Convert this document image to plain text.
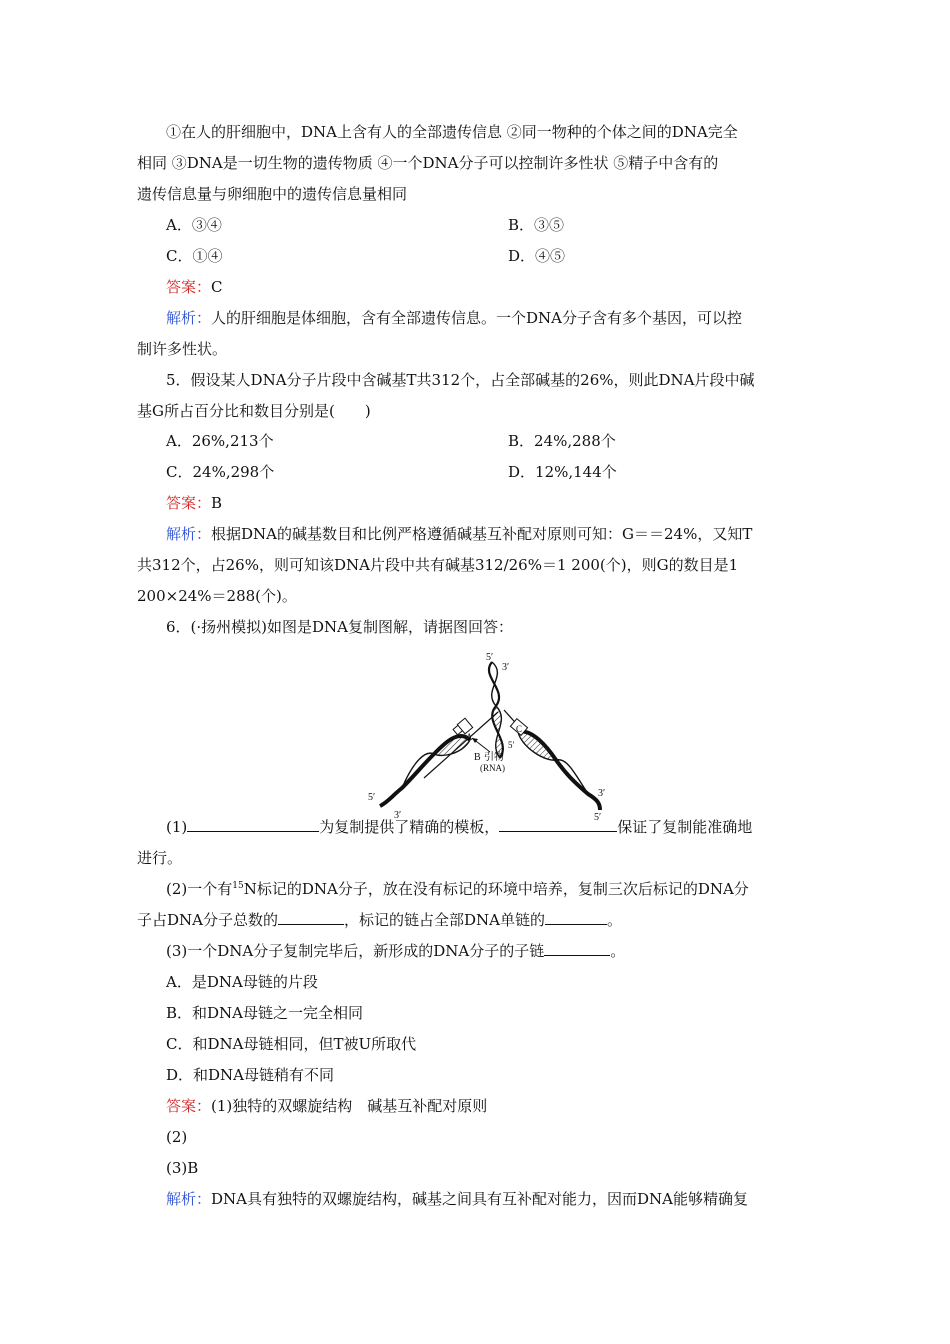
①在人的肝细胞中，DNA上含有人的全部遗传信息 ②同一物种的个体之间的DNA完全
相同 ③DNA是一切生物的遗传物质 ④一个DNA分子可以控制许多性状 ⑤精子中含有的
遗传信息量与卵细胞中的遗传信息量相同
A．③④	B．③⑤
C．①④	D．④⑤
答案：C
解析：人的肝细胞是体细胞，含有全部遗传信息。一个DNA分子含有多个基因，可以控
制许多性状。
5．假设某人DNA分子片段中含碱基T共312个，占全部碱基的26%，则此DNA片段中碱
基G所占百分比和数目分别是(　　)
A．26%,213个	B．24%,288个
C．24%,298个	D．12%,144个
答案：B
解析：根据DNA的碱基数目和比例严格遵循碱基互补配对原则可知：G＝＝24%，又知T
共312个，占26%，则可知该DNA片段中共有碱基312/26%＝1 200(个)，则G的数目是1
200×24%＝288(个)。
6．(·扬州模拟)如图是DNA复制图解，请据图回答：
5′
3′
A
C
B 引物
(RNA)
5′
5′
3′
3′
5′
(1)	为复制提供了精确的模板，	保证了复制能准确地
进行。
(2)一个有$^{15}$N标记的DNA分子，放在没有标记的环境中培养，复制三次后标记的DNA分
子占DNA分子总数的	，标记的链占全部DNA单链的	。
(3)一个DNA分子复制完毕后，新形成的DNA分子的子链	。
A．是DNA母链的片段
B．和DNA母链之一完全相同
C．和DNA母链相同，但T被U所取代
D．和DNA母链稍有不同
答案：(1)独特的双螺旋结构　碱基互补配对原则
(2)
(3)B
解析：DNA具有独特的双螺旋结构，碱基之间具有互补配对能力，因而DNA能够精确复
